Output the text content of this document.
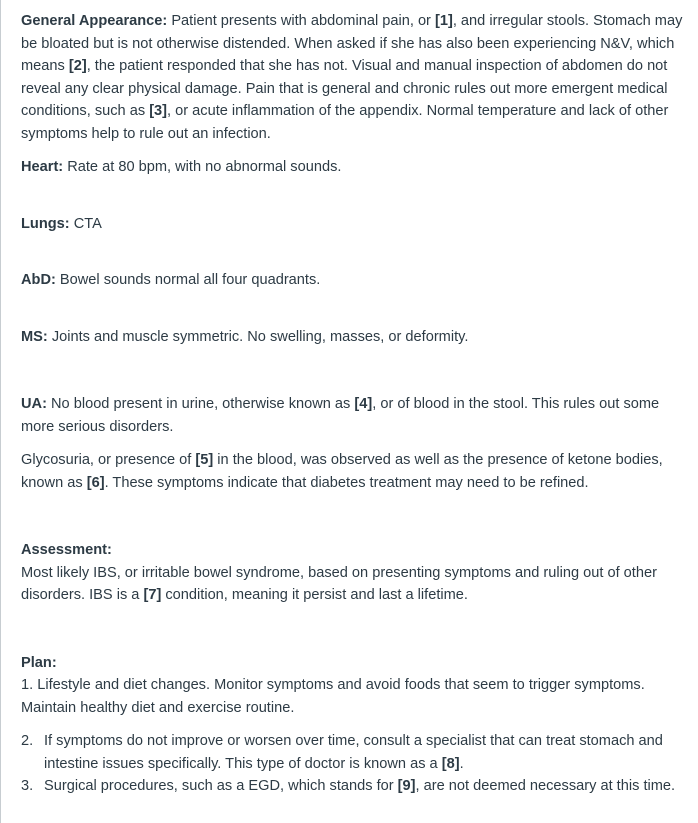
General Appearance: Patient presents with abdominal pain, or [1], and irregular stools. Stomach may be bloated but is not otherwise distended. When asked if she has also been experiencing N&V, which means [2], the patient responded that she has not. Visual and manual inspection of abdomen do not reveal any clear physical damage. Pain that is general and chronic rules out more emergent medical conditions, such as [3], or acute inflammation of the appendix. Normal temperature and lack of other symptoms help to rule out an infection.

Heart: Rate at 80 bpm, with no abnormal sounds.

Lungs: CTA

AbD: Bowel sounds normal all four quadrants.

MS: Joints and muscle symmetric. No swelling, masses, or deformity.

UA: No blood present in urine, otherwise known as [4], or of blood in the stool. This rules out some more serious disorders.

Glycosuria, or presence of [5] in the blood, was observed as well as the presence of ketone bodies, known as [6]. These symptoms indicate that diabetes treatment may need to be refined.

Assessment:

Most likely IBS, or irritable bowel syndrome, based on presenting symptoms and ruling out of other disorders. IBS is a [7] condition, meaning it persist and last a lifetime.

Plan:

1. Lifestyle and diet changes. Monitor symptoms and avoid foods that seem to trigger symptoms. Maintain healthy diet and exercise routine.

2. If symptoms do not improve or worsen over time, consult a specialist that can treat stomach and intestine issues specifically. This type of doctor is known as a [8].
3. Surgical procedures, such as a EGD, which stands for [9], are not deemed necessary at this time.
